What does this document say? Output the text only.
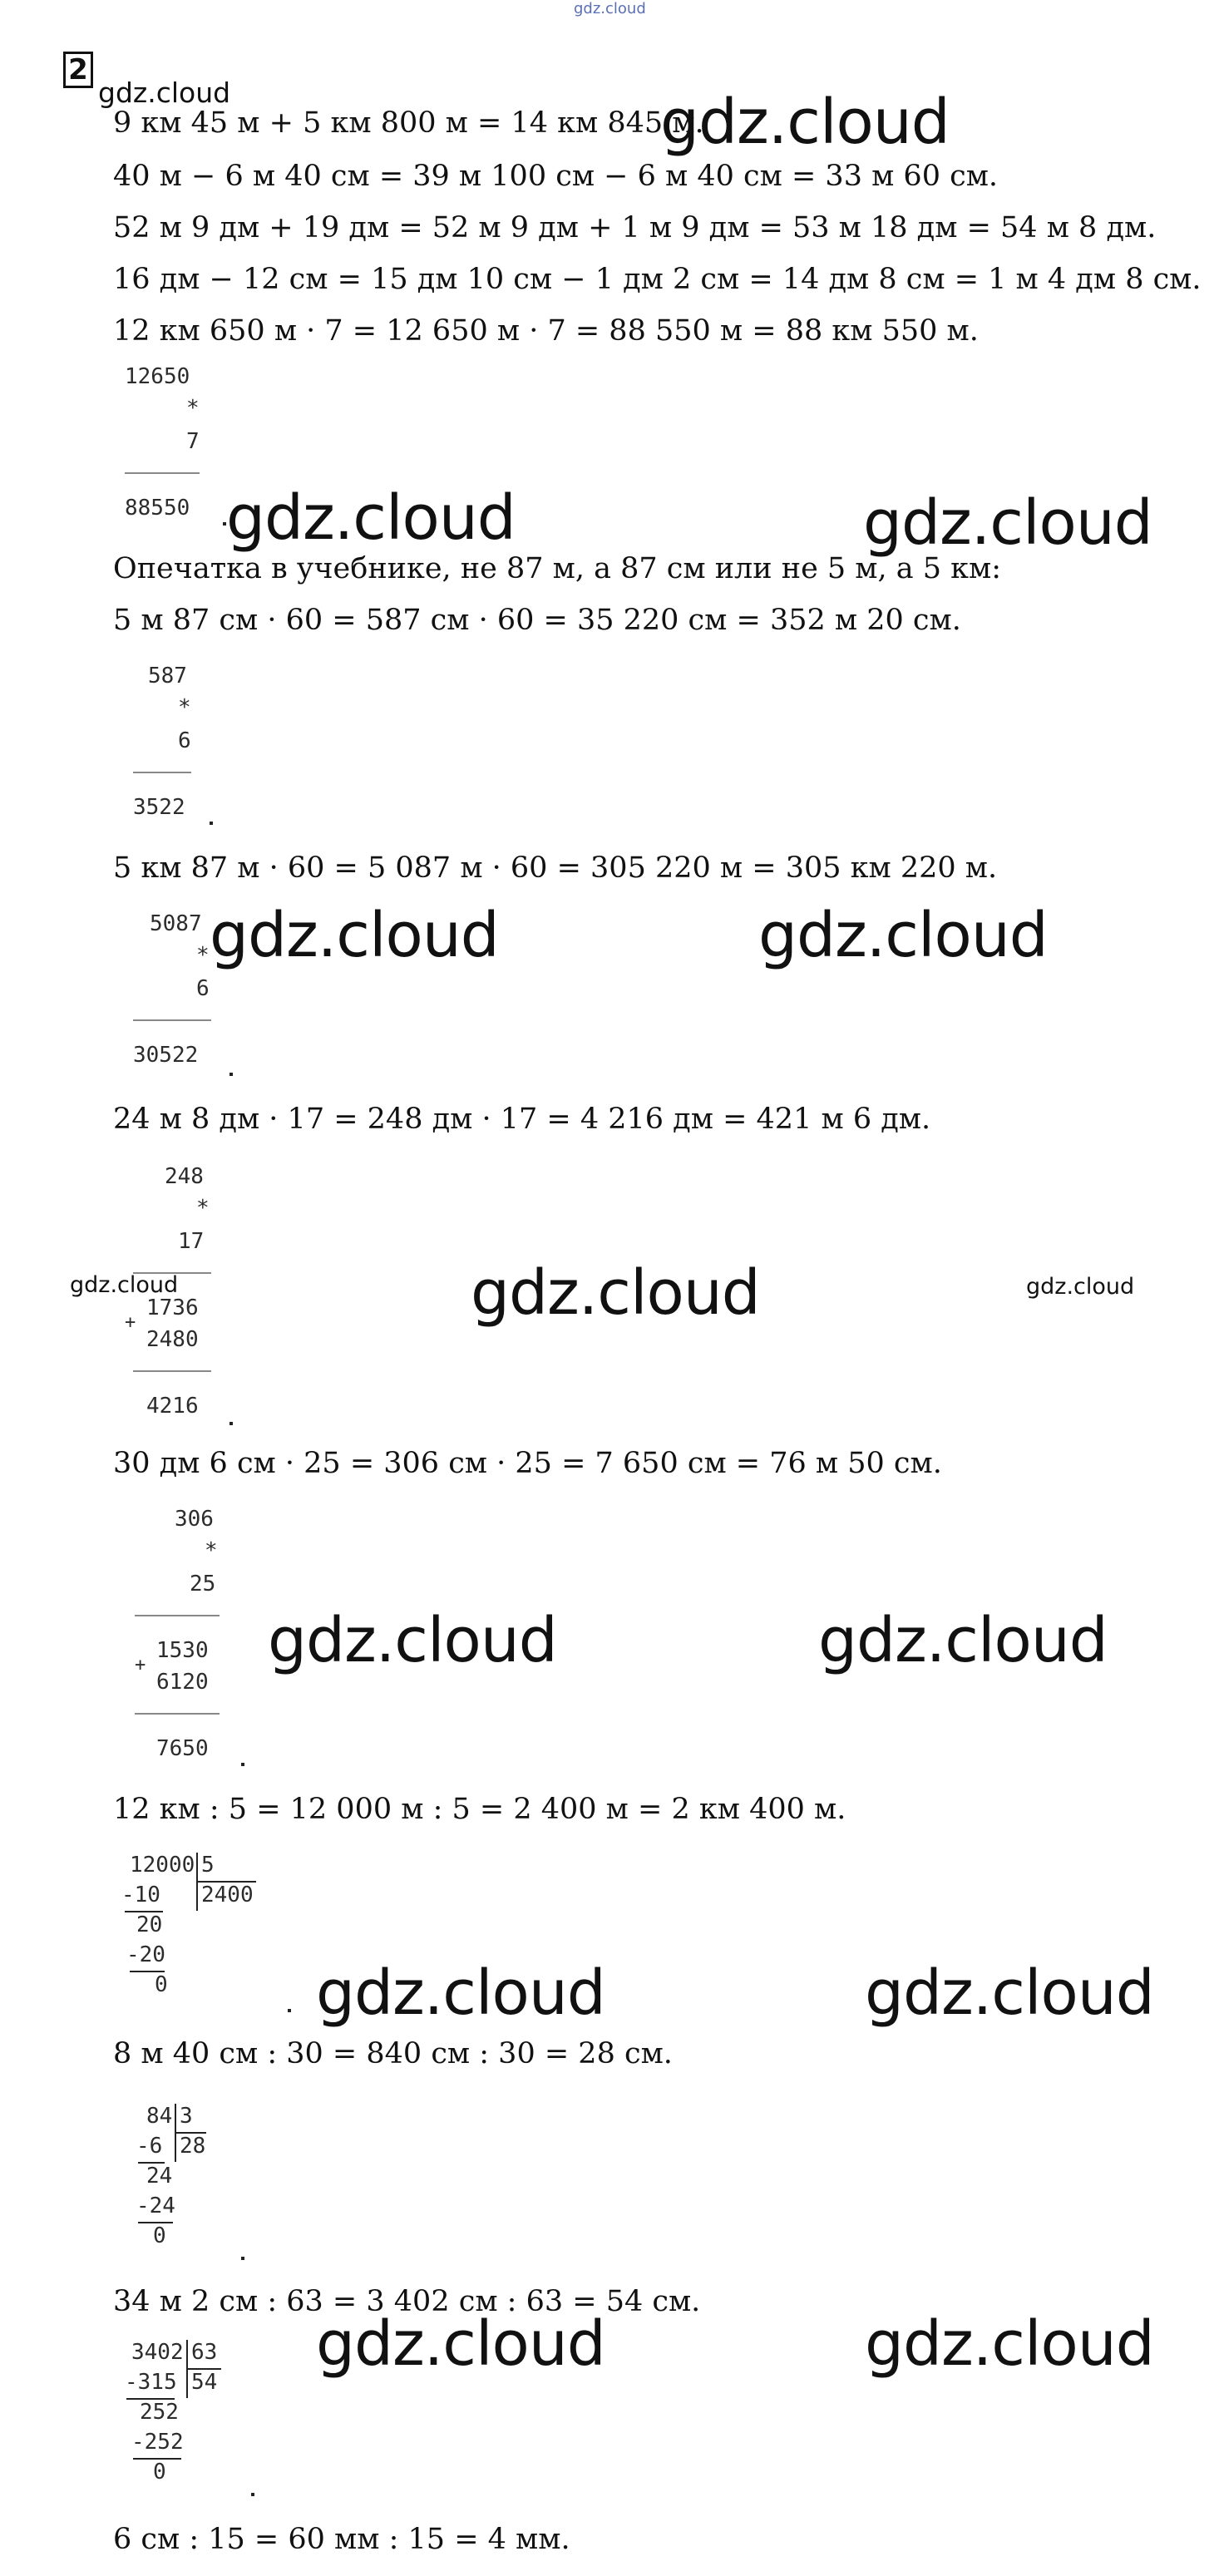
gdz.cloud
2
gdz.cloud
9 км 45 м + 5 км 800 м = 14 км 845 м.
40 м − 6 м 40 см = 39 м 100 см − 6 м 40 см = 33 м 60 см.
52 м 9 дм + 19 дм = 52 м 9 дм + 1 м 9 дм = 53 м 18 дм = 54 м 8 дм.
16 дм − 12 см = 15 дм 10 см − 1 дм 2 см = 14 дм 8 см = 1 м 4 дм 8 см.
12 км 650 м · 7 = 12 650 м · 7 = 88 550 м = 88 км 550 м.
12650
*
7
88550 gdz.cloud	gdz.cloud
gdz.cloud
Опечатка в учебнике, не 87 м, а 87 см или не 5 м, а 5 км:
5 м 87 см · 60 = 587 см · 60 = 35 220 см = 352 м 20 см.
587
*
6
3522
5 км 87 м · 60 = 5 087 м · 60 = 305 220 м = 305 км 220 м.
5087
*
6
30522
gdz.cloud	gdz.cloud
24 м 8 дм · 17 = 248 дм · 17 = 4 216 дм = 421 м 6 дм.
248
*
17
gdz.cloud
1736
+
2480
4216
gdz.cloud	gdz.cloud
30 дм 6 см · 25 = 306 см · 25 = 7 650 см = 76 м 50 см.
306
*
25
1530
+
6120
7650
gdz.cloud	gdz.cloud
12 км : 5 = 12 000 м : 5 = 2 400 м = 2 км 400 м.
12000 5
2400
-10
20
-20
0 gdz.cloud	gdz.cloud
8 м 40 см : 30 = 840 см : 30 = 28 см.
84 3
28
-6
24
-24
0
34 м 2 см : 63 = 3 402 см : 63 = 54 см.
3402 63
54
-315
252
-252
0
gdz.cloud	gdz.cloud
6 см : 15 = 60 мм : 15 = 4 мм.
